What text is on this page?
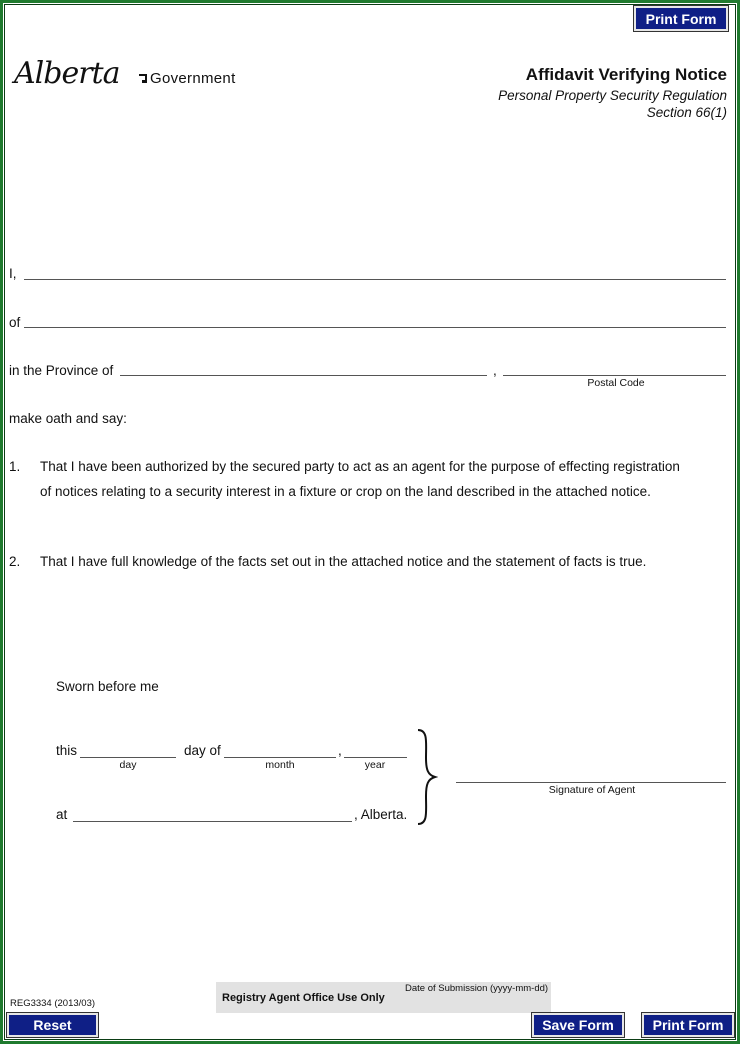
Print Form
Alberta Government	Affidavit Verifying Notice
Personal Property Security Regulation
Section 66(1)
I,
of
in the Province of	,
Postal Code
make oath and say:
1. That I have been authorized by the secured party to act as an agent for the purpose of effecting registration
of notices relating to a security interest in a fixture or crop on the land described in the attached notice.
2. That I have full knowledge of the facts set out in the attached notice and the statement of facts is true.
Sworn before me
this
day
day of
month
,
year
at	, Alberta.
Signature of Agent
REG3334 (2013/03)
Date of Submission (yyyy-mm-dd)
Registry Agent Office Use Only
Reset	Save Form	Print Form
